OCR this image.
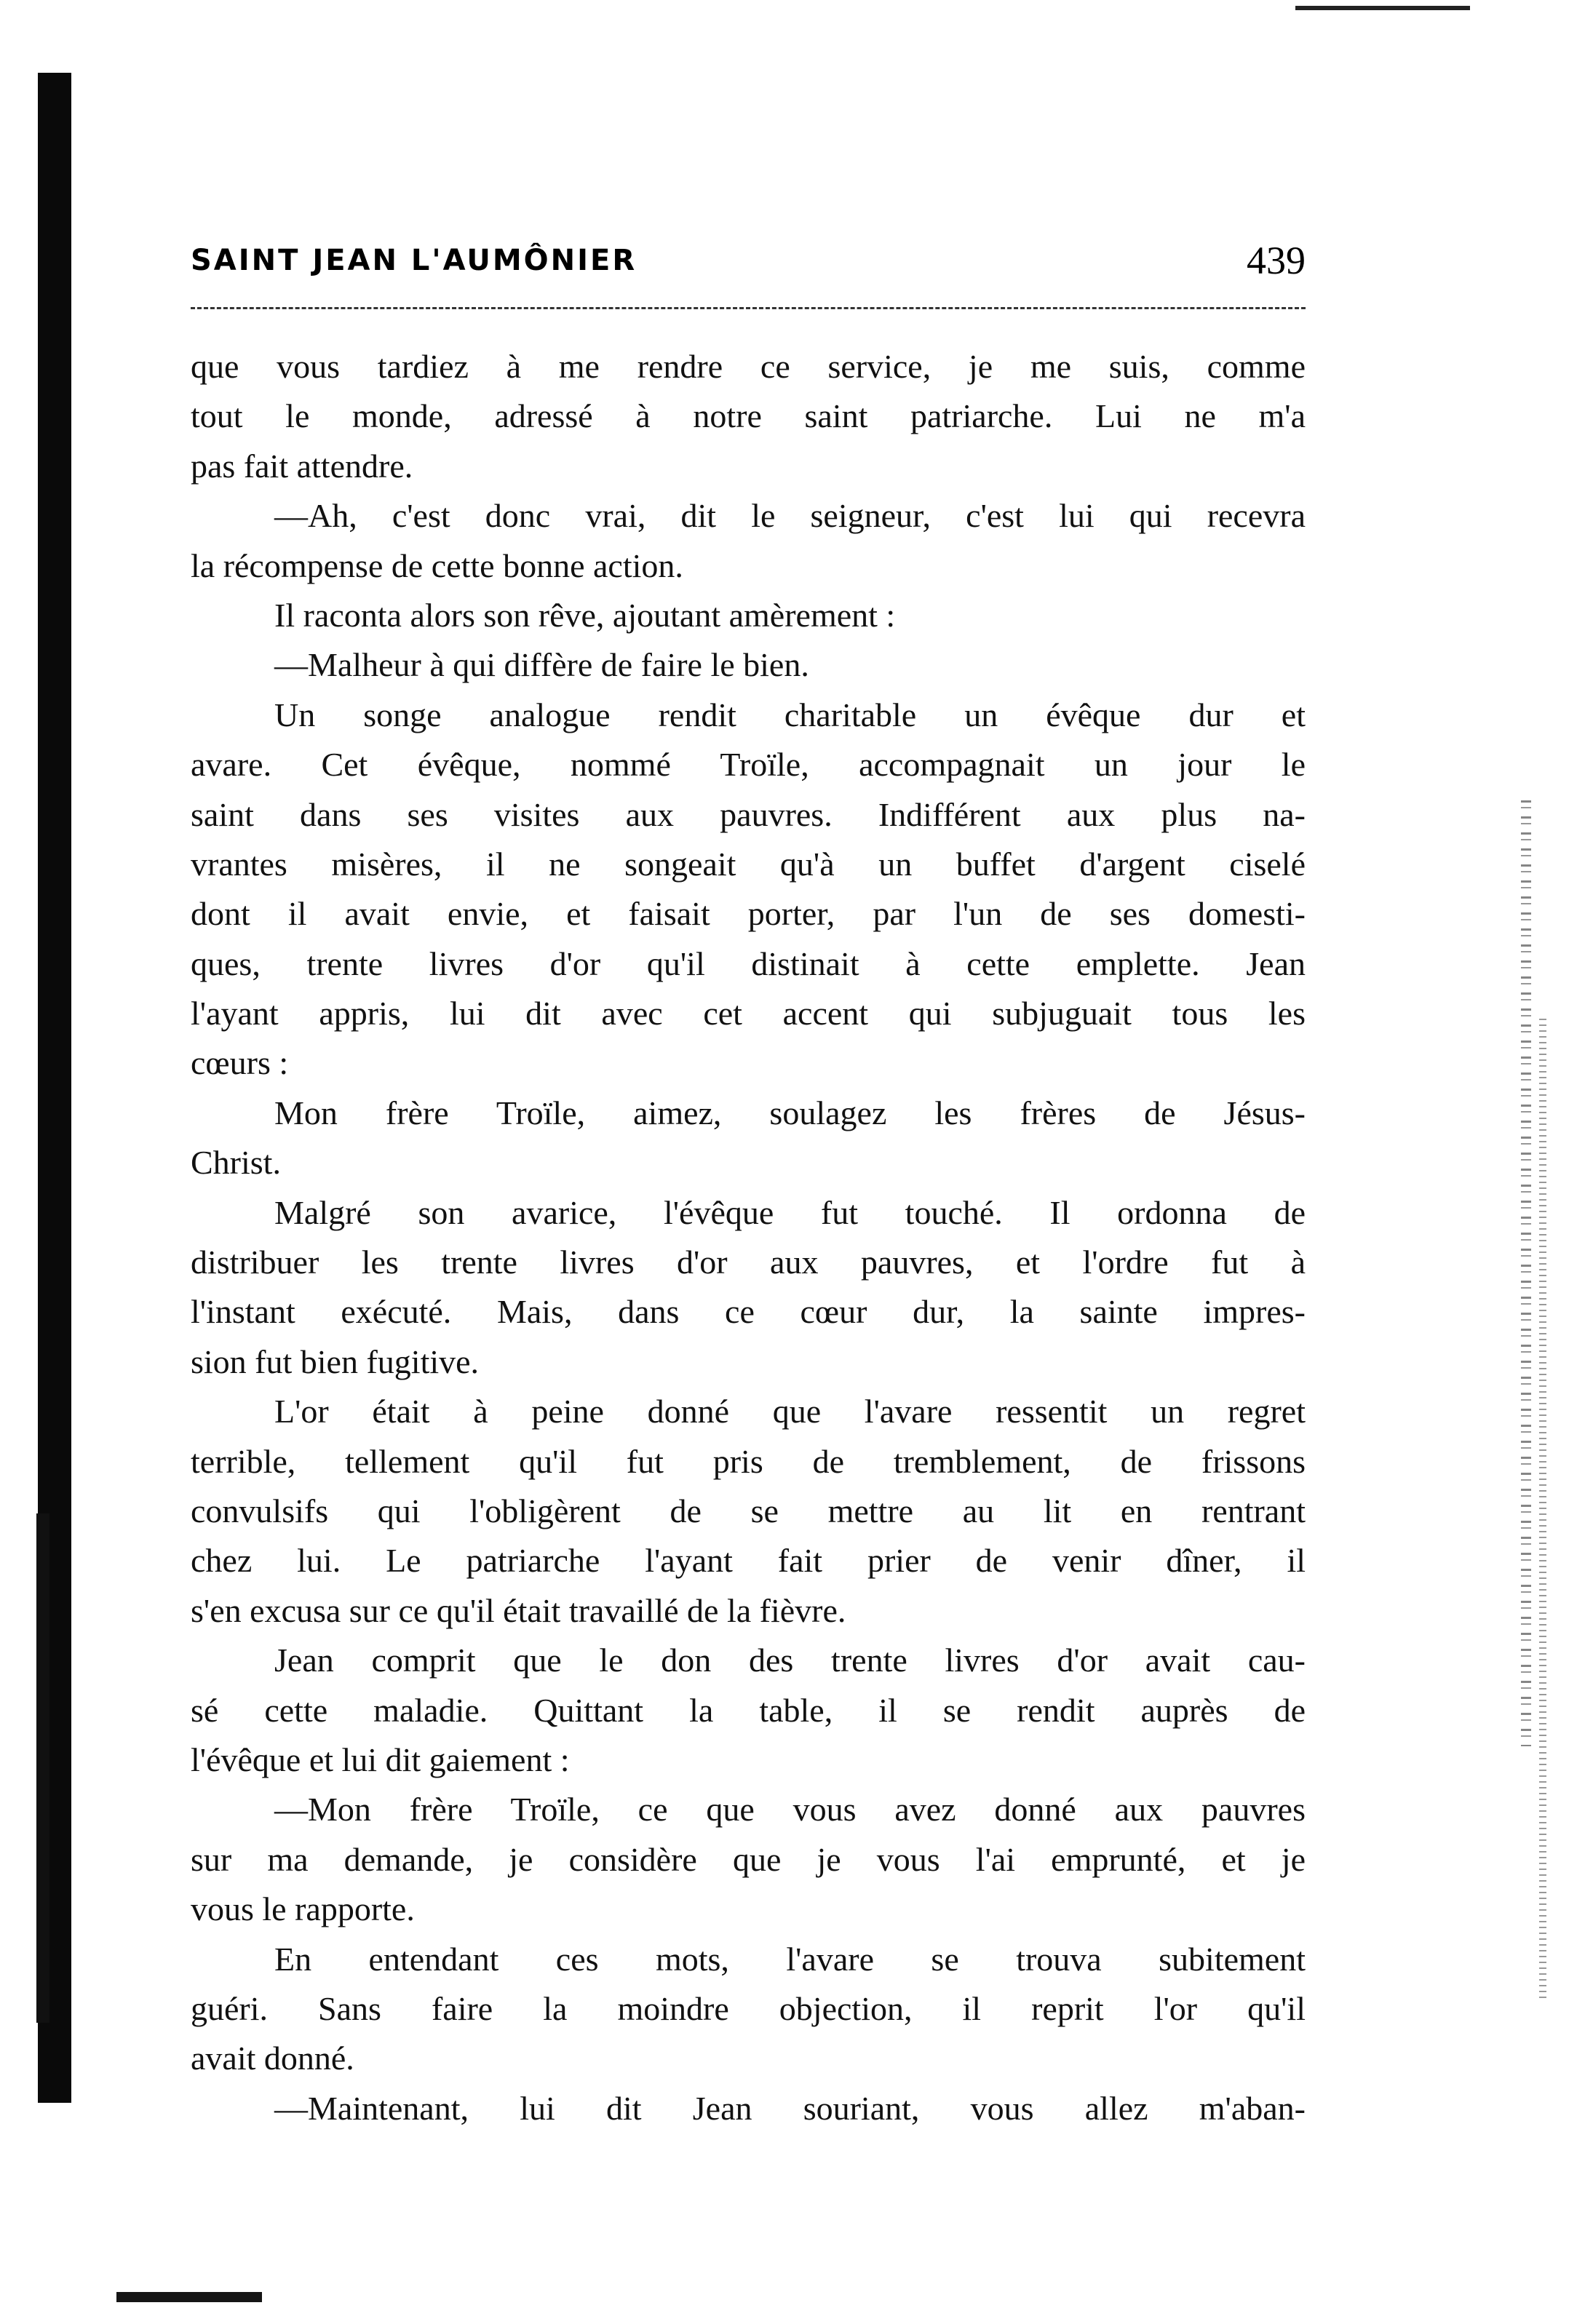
SAINT JEAN L'AUMÔNIER	439
que vous tardiez à me rendre ce service, je me suis, comme
tout le monde, adressé à notre saint patriarche. Lui ne m'a
pas fait attendre.
—Ah, c'est donc vrai, dit le seigneur, c'est lui qui recevra
la récompense de cette bonne action.
Il raconta alors son rêve, ajoutant amèrement :
—Malheur à qui diffère de faire le bien.
Un songe analogue rendit charitable un évêque dur et
avare. Cet évêque, nommé Troïle, accompagnait un jour le
saint dans ses visites aux pauvres. Indifférent aux plus na-
vrantes misères, il ne songeait qu'à un buffet d'argent ciselé
dont il avait envie, et faisait porter, par l'un de ses domesti-
ques, trente livres d'or qu'il distinait à cette emplette. Jean
l'ayant appris, lui dit avec cet accent qui subjuguait tous les
cœurs :
Mon frère Troïle, aimez, soulagez les frères de Jésus-
Christ.
Malgré son avarice, l'évêque fut touché. Il ordonna de
distribuer les trente livres d'or aux pauvres, et l'ordre fut à
l'instant exécuté. Mais, dans ce cœur dur, la sainte impres-
sion fut bien fugitive.
L'or était à peine donné que l'avare ressentit un regret
terrible, tellement qu'il fut pris de tremblement, de frissons
convulsifs qui l'obligèrent de se mettre au lit en rentrant
chez lui. Le patriarche l'ayant fait prier de venir dîner, il
s'en excusa sur ce qu'il était travaillé de la fièvre.
Jean comprit que le don des trente livres d'or avait cau-
sé cette maladie. Quittant la table, il se rendit auprès de
l'évêque et lui dit gaiement :
—Mon frère Troïle, ce que vous avez donné aux pauvres
sur ma demande, je considère que je vous l'ai emprunté, et je
vous le rapporte.
En entendant ces mots, l'avare se trouva subitement
guéri. Sans faire la moindre objection, il reprit l'or qu'il
avait donné.
—Maintenant, lui dit Jean souriant, vous allez m'aban-
